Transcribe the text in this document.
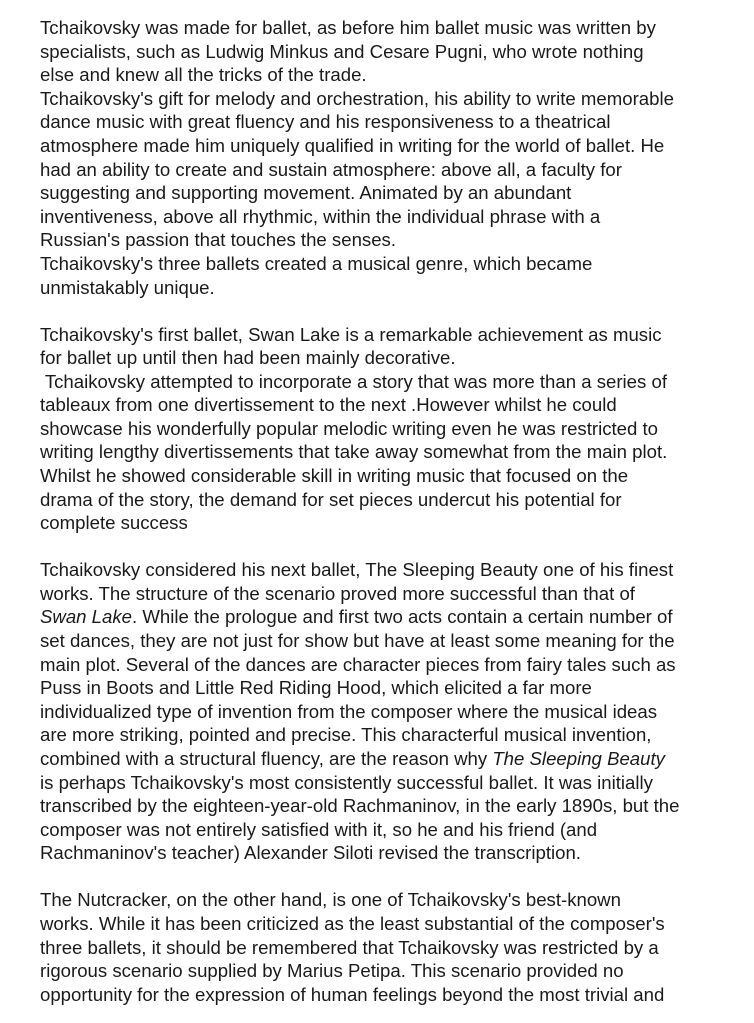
Tchaikovsky was made for ballet, as before him ballet music was written by
specialists, such as Ludwig Minkus and Cesare Pugni, who wrote nothing
else and knew all the tricks of the trade.
Tchaikovsky's gift for melody and orchestration, his ability to write memorable
dance music with great fluency and his responsiveness to a theatrical
atmosphere made him uniquely qualified in writing for the world of ballet. He
had an ability to create and sustain atmosphere: above all, a faculty for
suggesting and supporting movement. Animated by an abundant
inventiveness, above all rhythmic, within the individual phrase with a
Russian's passion that touches the senses.
Tchaikovsky's three ballets created a musical genre, which became
unmistakably unique.
Tchaikovsky's first ballet, Swan Lake is a remarkable achievement as music
for ballet up until then had been mainly decorative.
Tchaikovsky attempted to incorporate a story that was more than a series of
tableaux from one divertissement to the next .However whilst he could
showcase his wonderfully popular melodic writing even he was restricted to
writing lengthy divertissements that take away somewhat from the main plot.
Whilst he showed considerable skill in writing music that focused on the
drama of the story, the demand for set pieces undercut his potential for
complete success
Tchaikovsky considered his next ballet, The Sleeping Beauty one of his finest
works. The structure of the scenario proved more successful than that of
Swan Lake. While the prologue and first two acts contain a certain number of
set dances, they are not just for show but have at least some meaning for the
main plot. Several of the dances are character pieces from fairy tales such as
Puss in Boots and Little Red Riding Hood, which elicited a far more
individualized type of invention from the composer where the musical ideas
are more striking, pointed and precise. This characterful musical invention,
combined with a structural fluency, are the reason why The Sleeping Beauty
is perhaps Tchaikovsky's most consistently successful ballet. It was initially
transcribed by the eighteen-year-old Rachmaninov, in the early 1890s, but the
composer was not entirely satisfied with it, so he and his friend (and
Rachmaninov's teacher) Alexander Siloti revised the transcription.
The Nutcracker, on the other hand, is one of Tchaikovsky's best-known
works. While it has been criticized as the least substantial of the composer's
three ballets, it should be remembered that Tchaikovsky was restricted by a
rigorous scenario supplied by Marius Petipa. This scenario provided no
opportunity for the expression of human feelings beyond the most trivial and
